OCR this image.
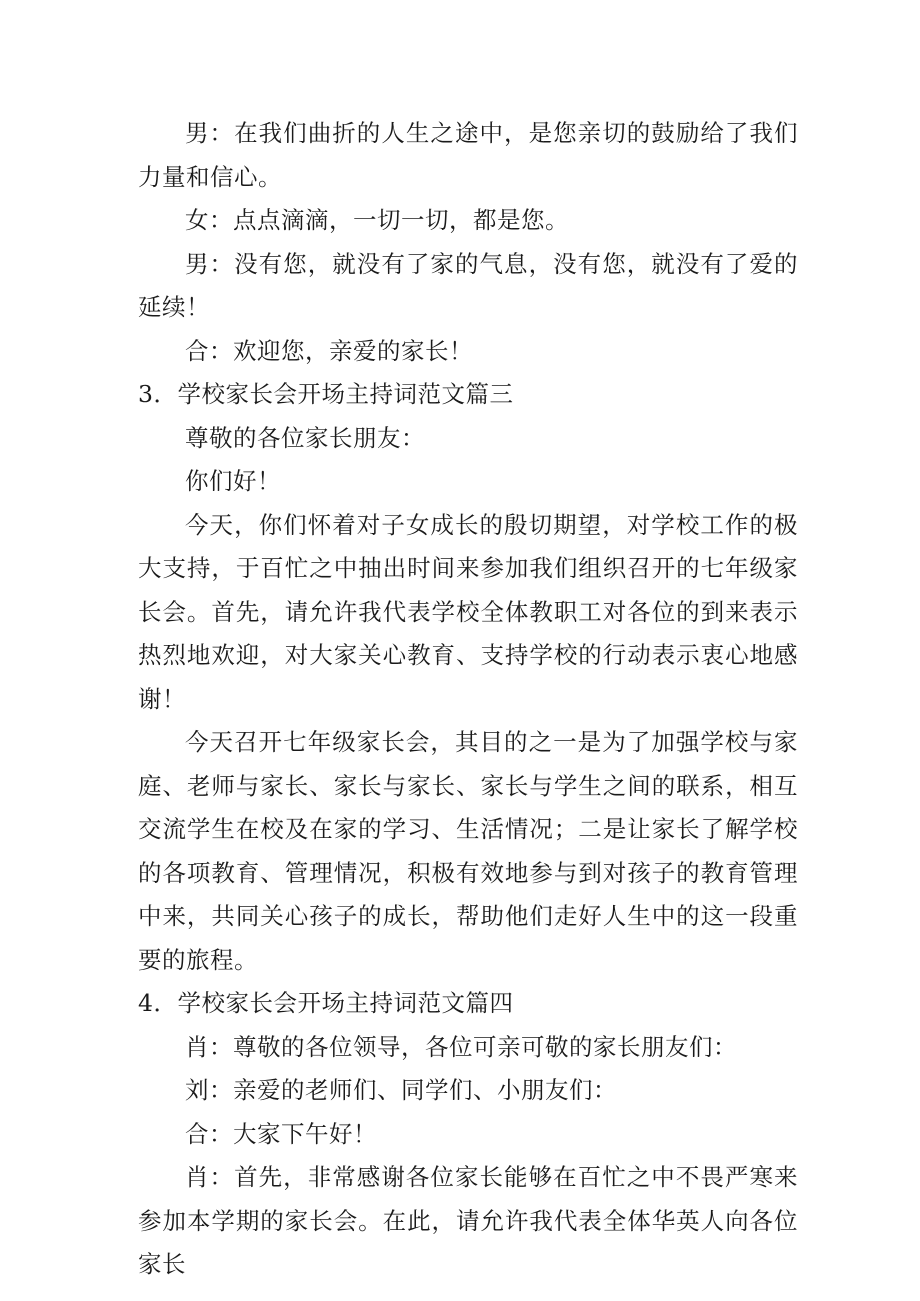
男：在我们曲折的人生之途中，是您亲切的鼓励给了我们力量和信心。

女：点点滴滴，一切一切，都是您。

男：没有您，就没有了家的气息，没有您，就没有了爱的延续！

合：欢迎您，亲爱的家长！

3．学校家长会开场主持词范文篇三

尊敬的各位家长朋友：

你们好！

今天，你们怀着对子女成长的殷切期望，对学校工作的极大支持，于百忙之中抽出时间来参加我们组织召开的七年级家长会。首先，请允许我代表学校全体教职工对各位的到来表示热烈地欢迎，对大家关心教育、支持学校的行动表示衷心地感谢！

今天召开七年级家长会，其目的之一是为了加强学校与家庭、老师与家长、家长与家长、家长与学生之间的联系，相互交流学生在校及在家的学习、生活情况；二是让家长了解学校的各项教育、管理情况，积极有效地参与到对孩子的教育管理中来，共同关心孩子的成长，帮助他们走好人生中的这一段重要的旅程。

4．学校家长会开场主持词范文篇四

肖：尊敬的各位领导，各位可亲可敬的家长朋友们：

刘：亲爱的老师们、同学们、小朋友们：

合：大家下午好！

肖：首先，非常感谢各位家长能够在百忙之中不畏严寒来参加本学期的家长会。在此，请允许我代表全体华英人向各位家长
